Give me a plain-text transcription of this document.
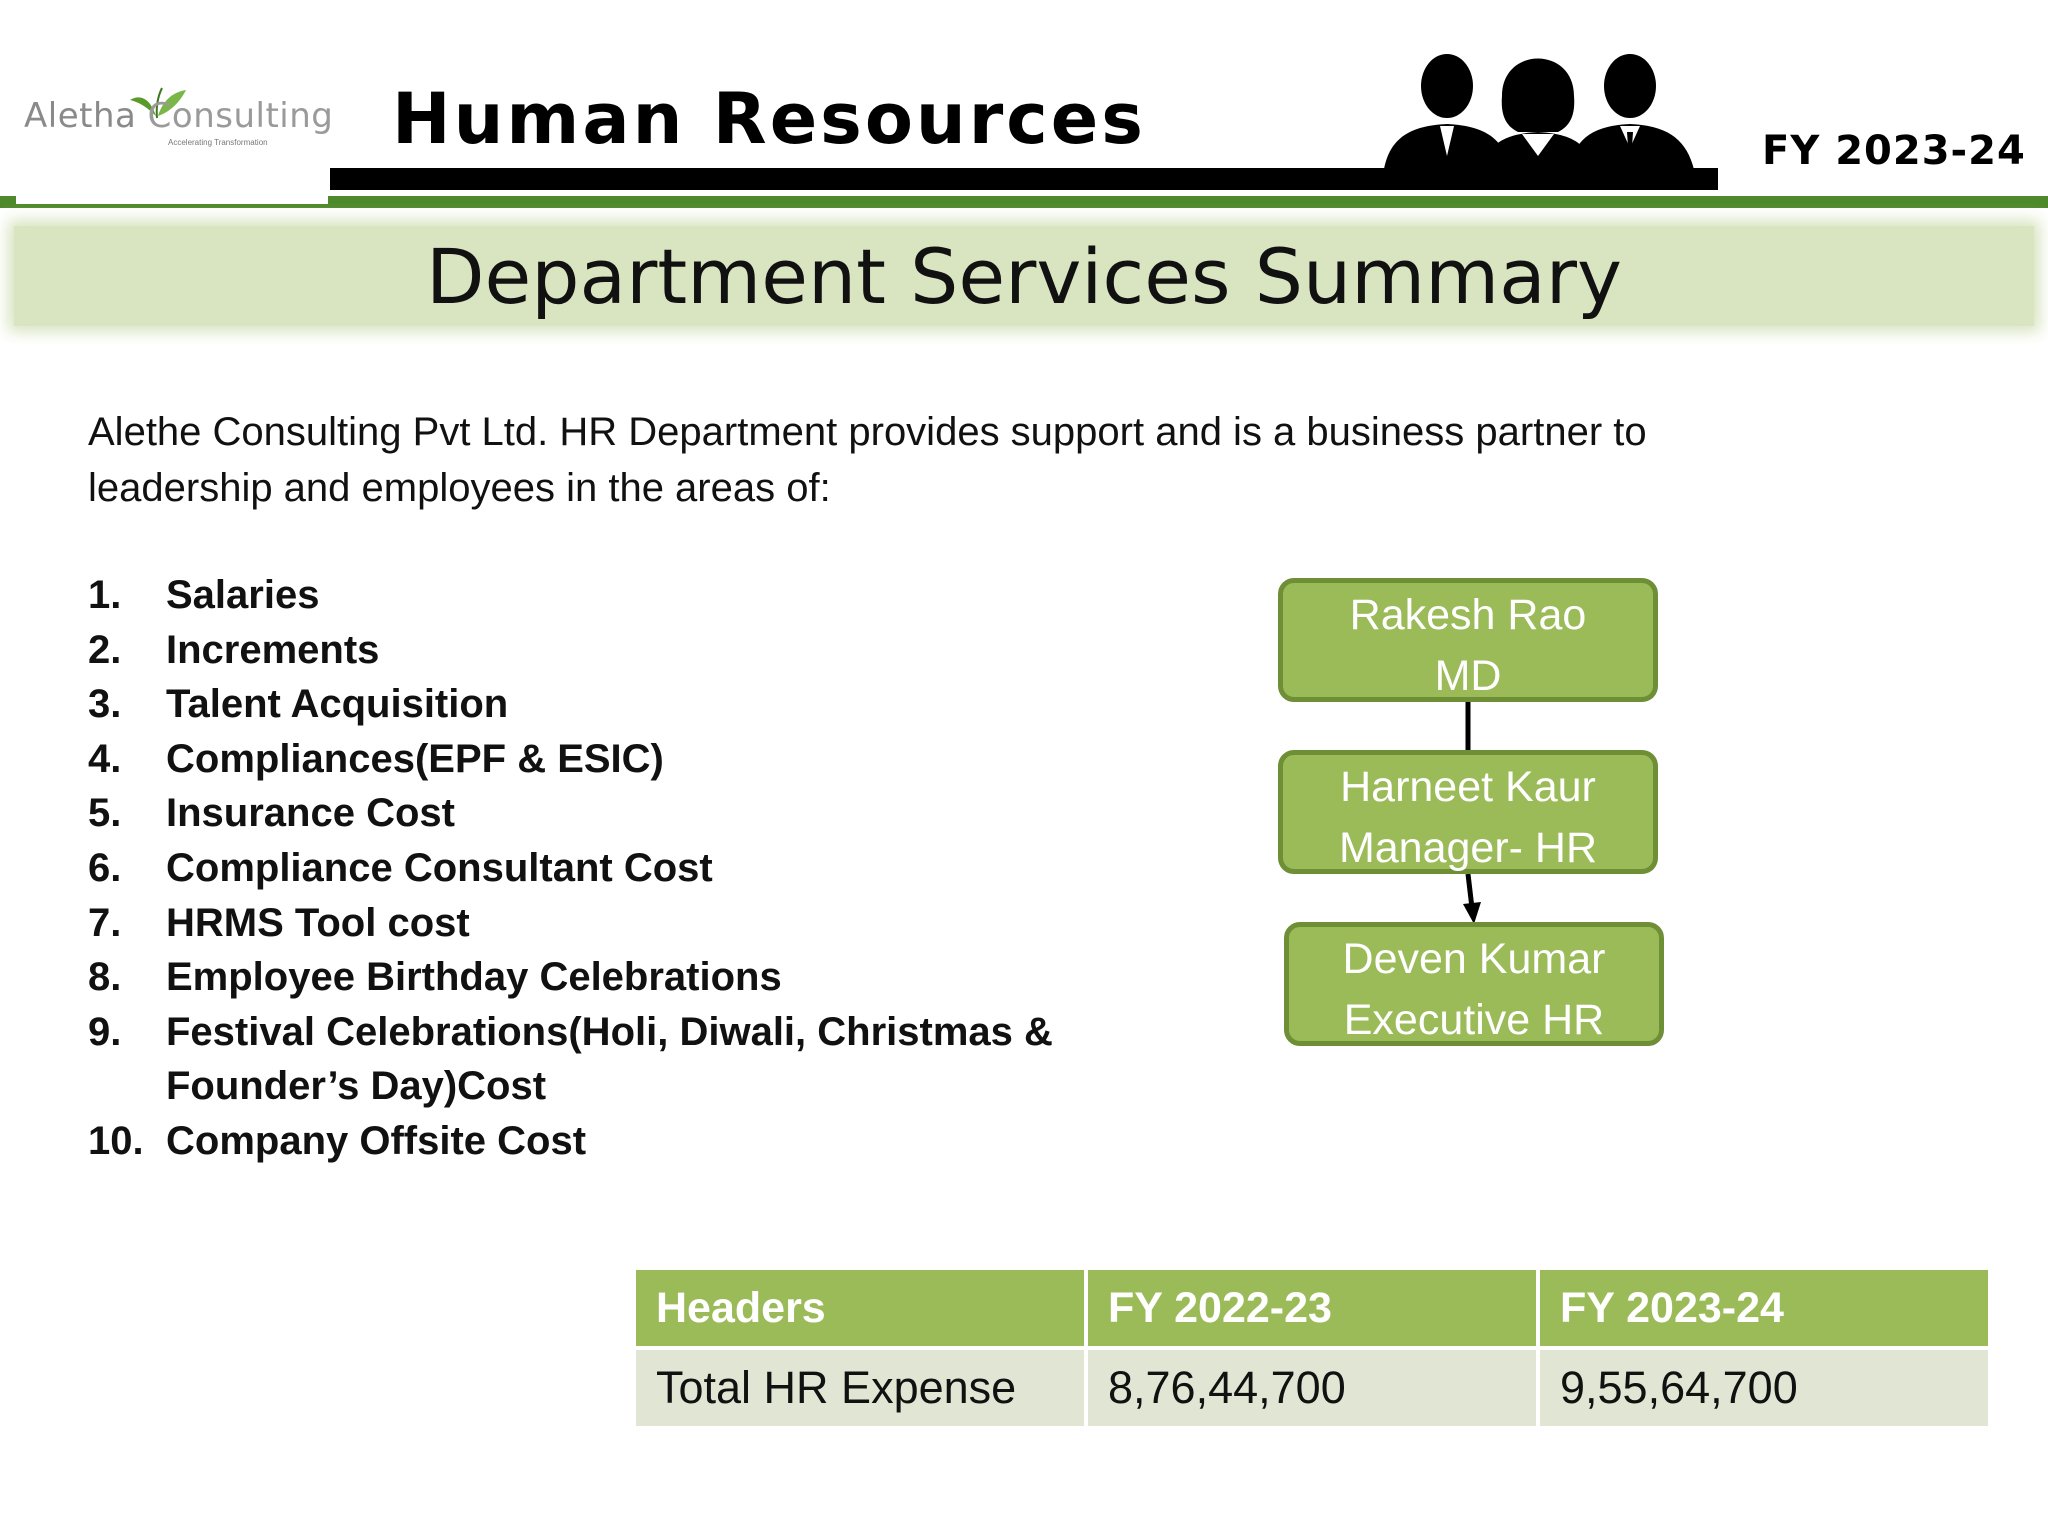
Aletha Consulting
Accelerating Transformation Human Resources	FY 2023-24
Department Services Summary
Alethe Consulting Pvt Ltd. HR Department provides support and is a business partner to
leadership and employees in the areas of:
1.	Salaries
2.	Increments
3.	Talent Acquisition
4.	Compliances(EPF & ESIC)
5.	Insurance Cost
6.	Compliance Consultant Cost
7.	HRMS Tool cost
8.	Employee Birthday Celebrations
9.	Festival Celebrations(Holi, Diwali, Christmas & Founder’s Day)Cost
10. Company Offsite Cost
Rakesh Rao
MD
Harneet Kaur
Manager- HR
Deven Kumar
Executive HR
Headers	FY 2022-23	FY 2023-24
Total HR Expense	8,76,44,700	9,55,64,700
